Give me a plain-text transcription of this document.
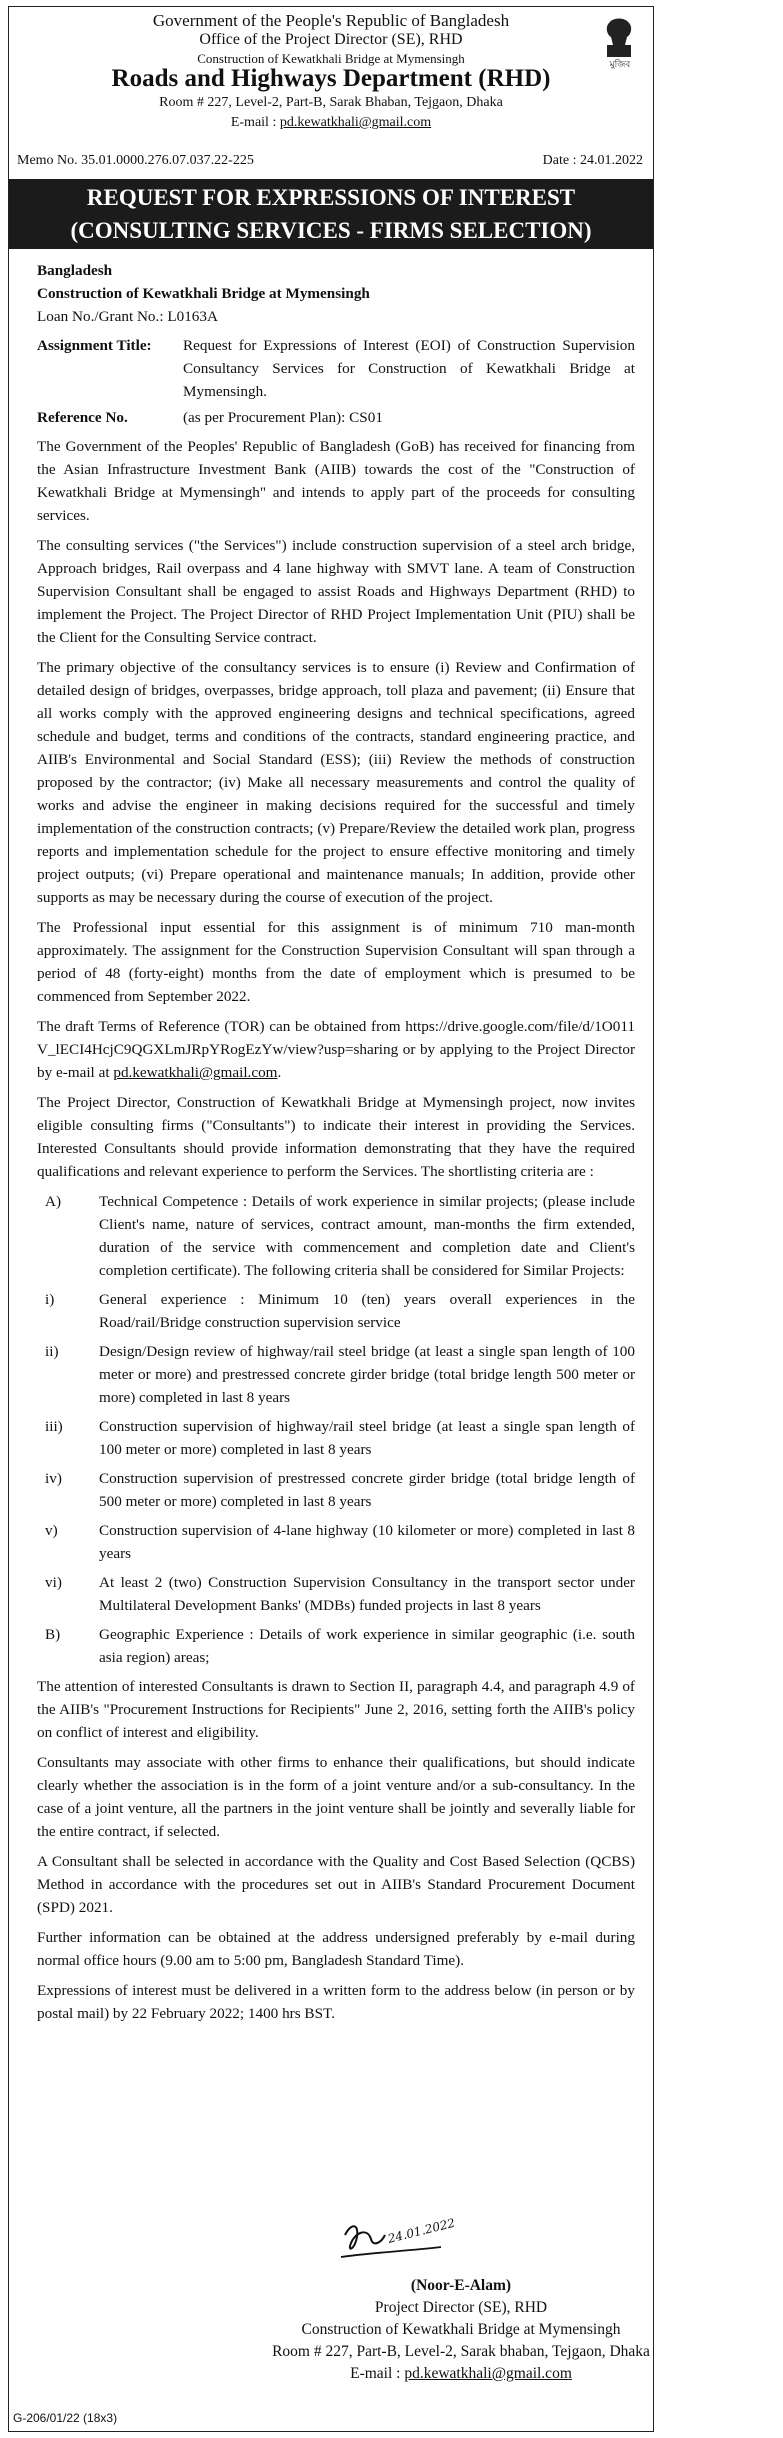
Government of the People's Republic of Bangladesh
Office of the Project Director (SE), RHD
Construction of Kewatkhali Bridge at Mymensingh
Roads and Highways Department (RHD)
Room # 227, Level-2, Part-B, Sarak Bhaban, Tejgaon, Dhaka
E-mail : pd.kewatkhali@gmail.com
মুজিব
Memo No. 35.01.0000.276.07.037.22-225	Date : 24.01.2022
REQUEST FOR EXPRESSIONS OF INTEREST
(CONSULTING SERVICES - FIRMS SELECTION)
Bangladesh
Construction of Kewatkhali Bridge at Mymensingh
Loan No./Grant No.: L0163A
Assignment Title:	Request for Expressions of Interest (EOI) of Construction Supervision Consultancy Services for Construction of Kewatkhali Bridge at Mymensingh.
Reference No.	(as per Procurement Plan): CS01

The Government of the Peoples' Republic of Bangladesh (GoB) has received for financing from the Asian Infrastructure Investment Bank (AIIB) towards the cost of the "Construction of Kewatkhali Bridge at Mymensingh" and intends to apply part of the proceeds for consulting services.

The consulting services ("the Services") include construction supervision of a steel arch bridge, Approach bridges, Rail overpass and 4 lane highway with SMVT lane. A team of Construction Supervision Consultant shall be engaged to assist Roads and Highways Department (RHD) to implement the Project. The Project Director of RHD Project Implementation Unit (PIU) shall be the Client for the Consulting Service contract.

The primary objective of the consultancy services is to ensure (i) Review and Confirmation of detailed design of bridges, overpasses, bridge approach, toll plaza and pavement; (ii) Ensure that all works comply with the approved engineering designs and technical specifications, agreed schedule and budget, terms and conditions of the contracts, standard engineering practice, and AIIB's Environmental and Social Standard (ESS); (iii) Review the methods of construction proposed by the contractor; (iv) Make all necessary measurements and control the quality of works and advise the engineer in making decisions required for the successful and timely implementation of the construction contracts; (v) Prepare/Review the detailed work plan, progress reports and implementation schedule for the project to ensure effective monitoring and timely project outputs; (vi) Prepare operational and maintenance manuals; In addition, provide other supports as may be necessary during the course of execution of the project.

The Professional input essential for this assignment is of minimum 710 man-month approximately. The assignment for the Construction Supervision Consultant will span through a period of 48 (forty-eight) months from the date of employment which is presumed to be commenced from September 2022.

The draft Terms of Reference (TOR) can be obtained from https://drive.google.com/file/d/1O011V_lECI4HcjC9QGXLmJRpYRogEzYw/view?usp=sharing or by applying to the Project Director by e-mail at pd.kewatkhali@gmail.com.

The Project Director, Construction of Kewatkhali Bridge at Mymensingh project, now invites eligible consulting firms ("Consultants") to indicate their interest in providing the Services. Interested Consultants should provide information demonstrating that they have the required qualifications and relevant experience to perform the Services. The shortlisting criteria are :

A)	Technical Competence : Details of work experience in similar projects; (please include Client's name, nature of services, contract amount, man-months the firm extended, duration of the service with commencement and completion date and Client's completion certificate). The following criteria shall be considered for Similar Projects:
i)	General experience : Minimum 10 (ten) years overall experiences in the Road/rail/Bridge construction supervision service
ii)	Design/Design review of highway/rail steel bridge (at least a single span length of 100 meter or more) and prestressed concrete girder bridge (total bridge length 500 meter or more) completed in last 8 years
iii)	Construction supervision of highway/rail steel bridge (at least a single span length of 100 meter or more) completed in last 8 years
iv)	Construction supervision of prestressed concrete girder bridge (total bridge length of 500 meter or more) completed in last 8 years
v)	Construction supervision of 4-lane highway (10 kilometer or more) completed in last 8 years
vi)	At least 2 (two) Construction Supervision Consultancy in the transport sector under Multilateral Development Banks' (MDBs) funded projects in last 8 years
B)	Geographic Experience : Details of work experience in similar geographic (i.e. south asia region) areas;

The attention of interested Consultants is drawn to Section II, paragraph 4.4, and paragraph 4.9 of the AIIB's "Procurement Instructions for Recipients" June 2, 2016, setting forth the AIIB's policy on conflict of interest and eligibility.

Consultants may associate with other firms to enhance their qualifications, but should indicate clearly whether the association is in the form of a joint venture and/or a sub-consultancy. In the case of a joint venture, all the partners in the joint venture shall be jointly and severally liable for the entire contract, if selected.

A Consultant shall be selected in accordance with the Quality and Cost Based Selection (QCBS) Method in accordance with the procedures set out in AIIB's Standard Procurement Document (SPD) 2021.

Further information can be obtained at the address undersigned preferably by e-mail during normal office hours (9.00 am to 5:00 pm, Bangladesh Standard Time).

Expressions of interest must be delivered in a written form to the address below (in person or by postal mail) by 22 February 2022; 1400 hrs BST.

24.01.2022
(Noor-E-Alam)
Project Director (SE), RHD
Construction of Kewatkhali Bridge at Mymensingh
Room # 227, Part-B, Level-2, Sarak bhaban, Tejgaon, Dhaka
E-mail : pd.kewatkhali@gmail.com
G-206/01/22 (18x3)
